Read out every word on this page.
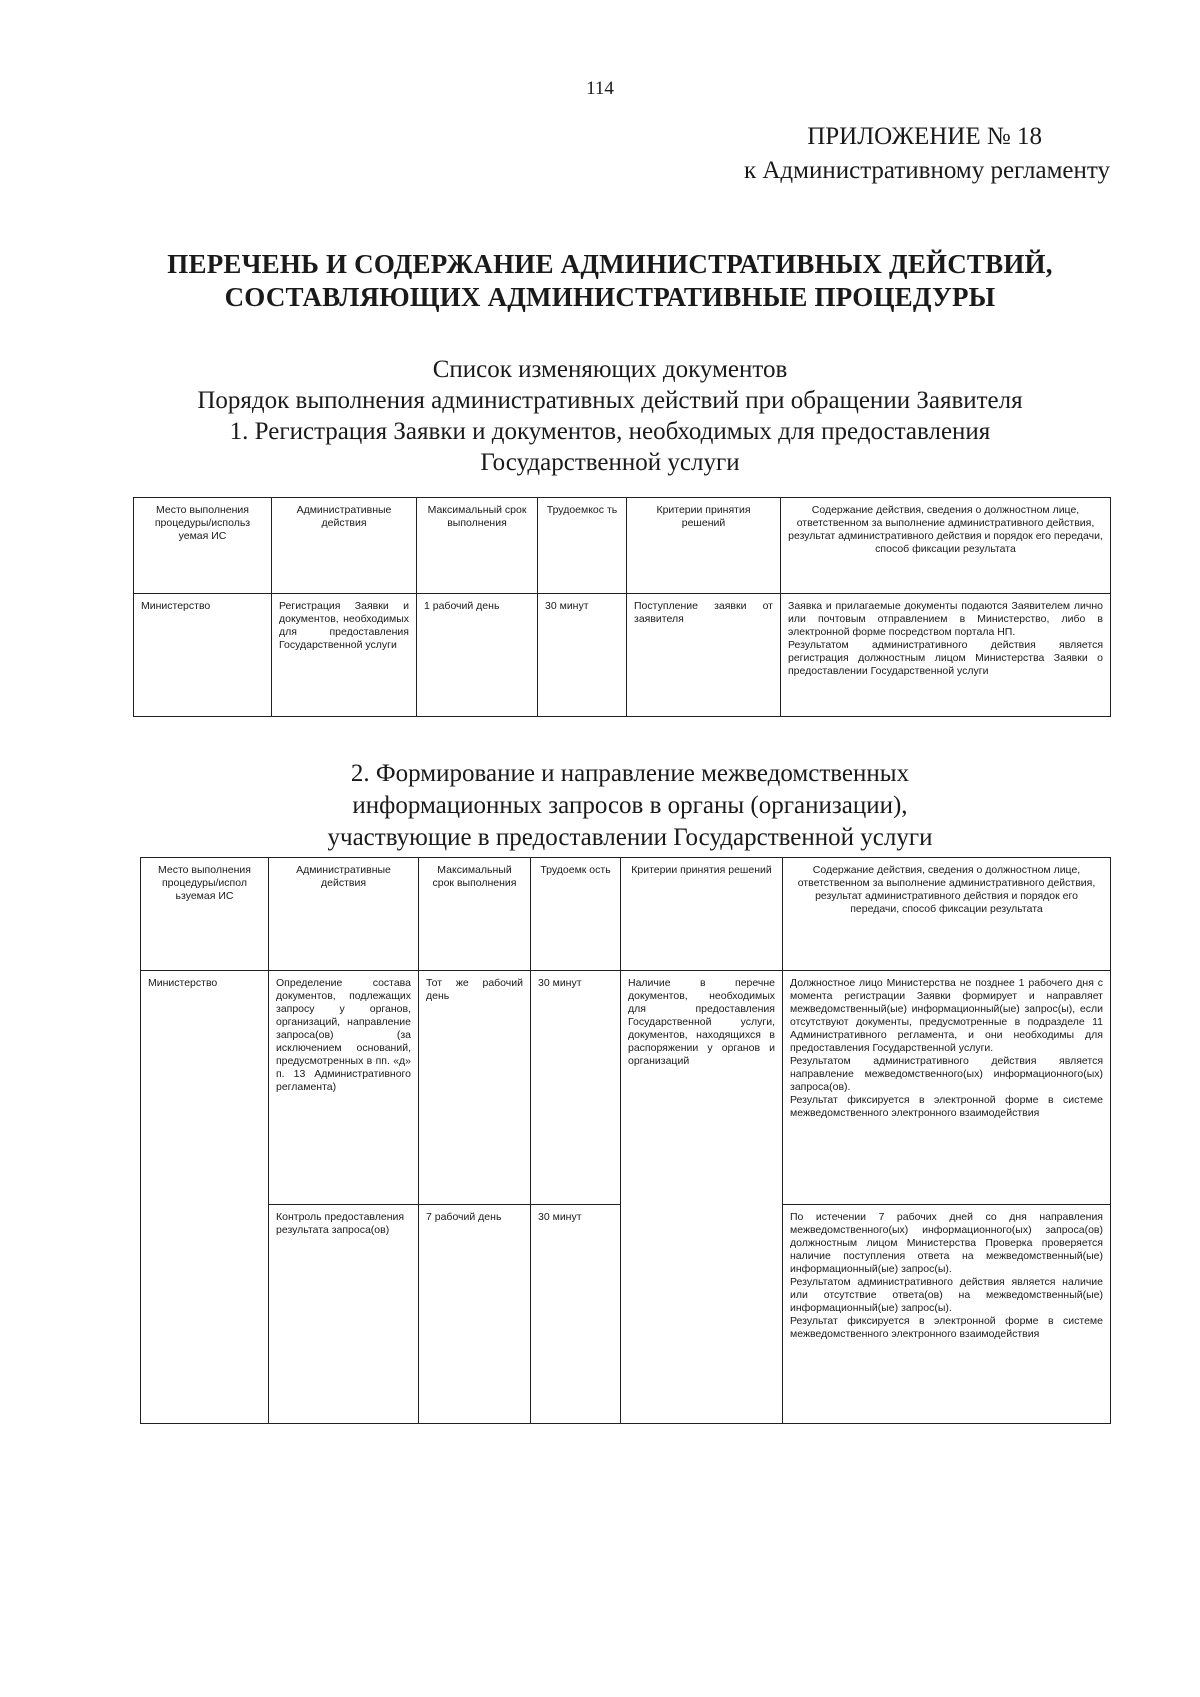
114
ПРИЛОЖЕНИЕ № 18
к Административному регламенту
ПЕРЕЧЕНЬ И СОДЕРЖАНИЕ АДМИНИСТРАТИВНЫХ ДЕЙСТВИЙ,
СОСТАВЛЯЮЩИХ АДМИНИСТРАТИВНЫЕ ПРОЦЕДУРЫ
Список изменяющих документов
Порядок выполнения административных действий при обращении Заявителя
1. Регистрация Заявки и документов, необходимых для предоставления
Государственной услуги
Место выполнения процедуры/использ уемая ИС	Административные действия	Максимальный срок выполнения	Трудоемкос ть	Критерии принятия решений	Содержание действия, сведения о должностном лице, ответственном за выполнение административного действия, результат административного действия и порядок его передачи, способ фиксации результата
Министерство	Регистрация Заявки и документов, необходимых для предоставления Государственной услуги	1 рабочий день	30 минут	Поступление заявки от заявителя	Заявка и прилагаемые документы подаются Заявителем лично или почтовым отправлением в Министерство, либо в электронной форме посредством портала НП.
Результатом административного действия является регистрация должностным лицом Министерства Заявки о предоставлении Государственной услуги
2. Формирование и направление межведомственных
информационных запросов в органы (организации),
участвующие в предоставлении Государственной услуги
Место выполнения процедуры/испол ьзуемая ИС	Административные действия	Максимальный срок выполнения	Трудоемк ость	Критерии принятия решений	Содержание действия, сведения о должностном лице, ответственном за выполнение административного действия, результат административного действия и порядок его передачи, способ фиксации результата
Министерство	Определение состава документов, подлежащих запросу у органов, организаций, направление запроса(ов) (за исключением оснований, предусмотренных в пп. «д» п. 13 Административного регламента)	Тот же рабочий день	30 минут	Наличие в перечне документов, необходимых для предоставления Государственной услуги, документов, находящихся в распоряжении у органов и организаций	Должностное лицо Министерства не позднее 1 рабочего дня с момента регистрации Заявки формирует и направляет межведомственный(ые) информационный(ые) запрос(ы), если отсутствуют документы, предусмотренные в подразделе 11 Административного регламента, и они необходимы для предоставления Государственной услуги.
Результатом административного действия является направление межведомственного(ых) информационного(ых) запроса(ов).
Результат фиксируется в электронной форме в системе межведомственного электронного взаимодействия

	Контроль предоставления результата запроса(ов)	7 рабочий день	30 минут		По истечении 7 рабочих дней со дня направления межведомственного(ых) информационного(ых) запроса(ов) должностным лицом Министерства Проверка проверяется наличие поступления ответа на межведомственный(ые) информационный(ые) запрос(ы).
Результатом административного действия является наличие или отсутствие ответа(ов) на межведомственный(ые) информационный(ые) запрос(ы).
Результат фиксируется в электронной форме в системе межведомственного электронного взаимодействия
